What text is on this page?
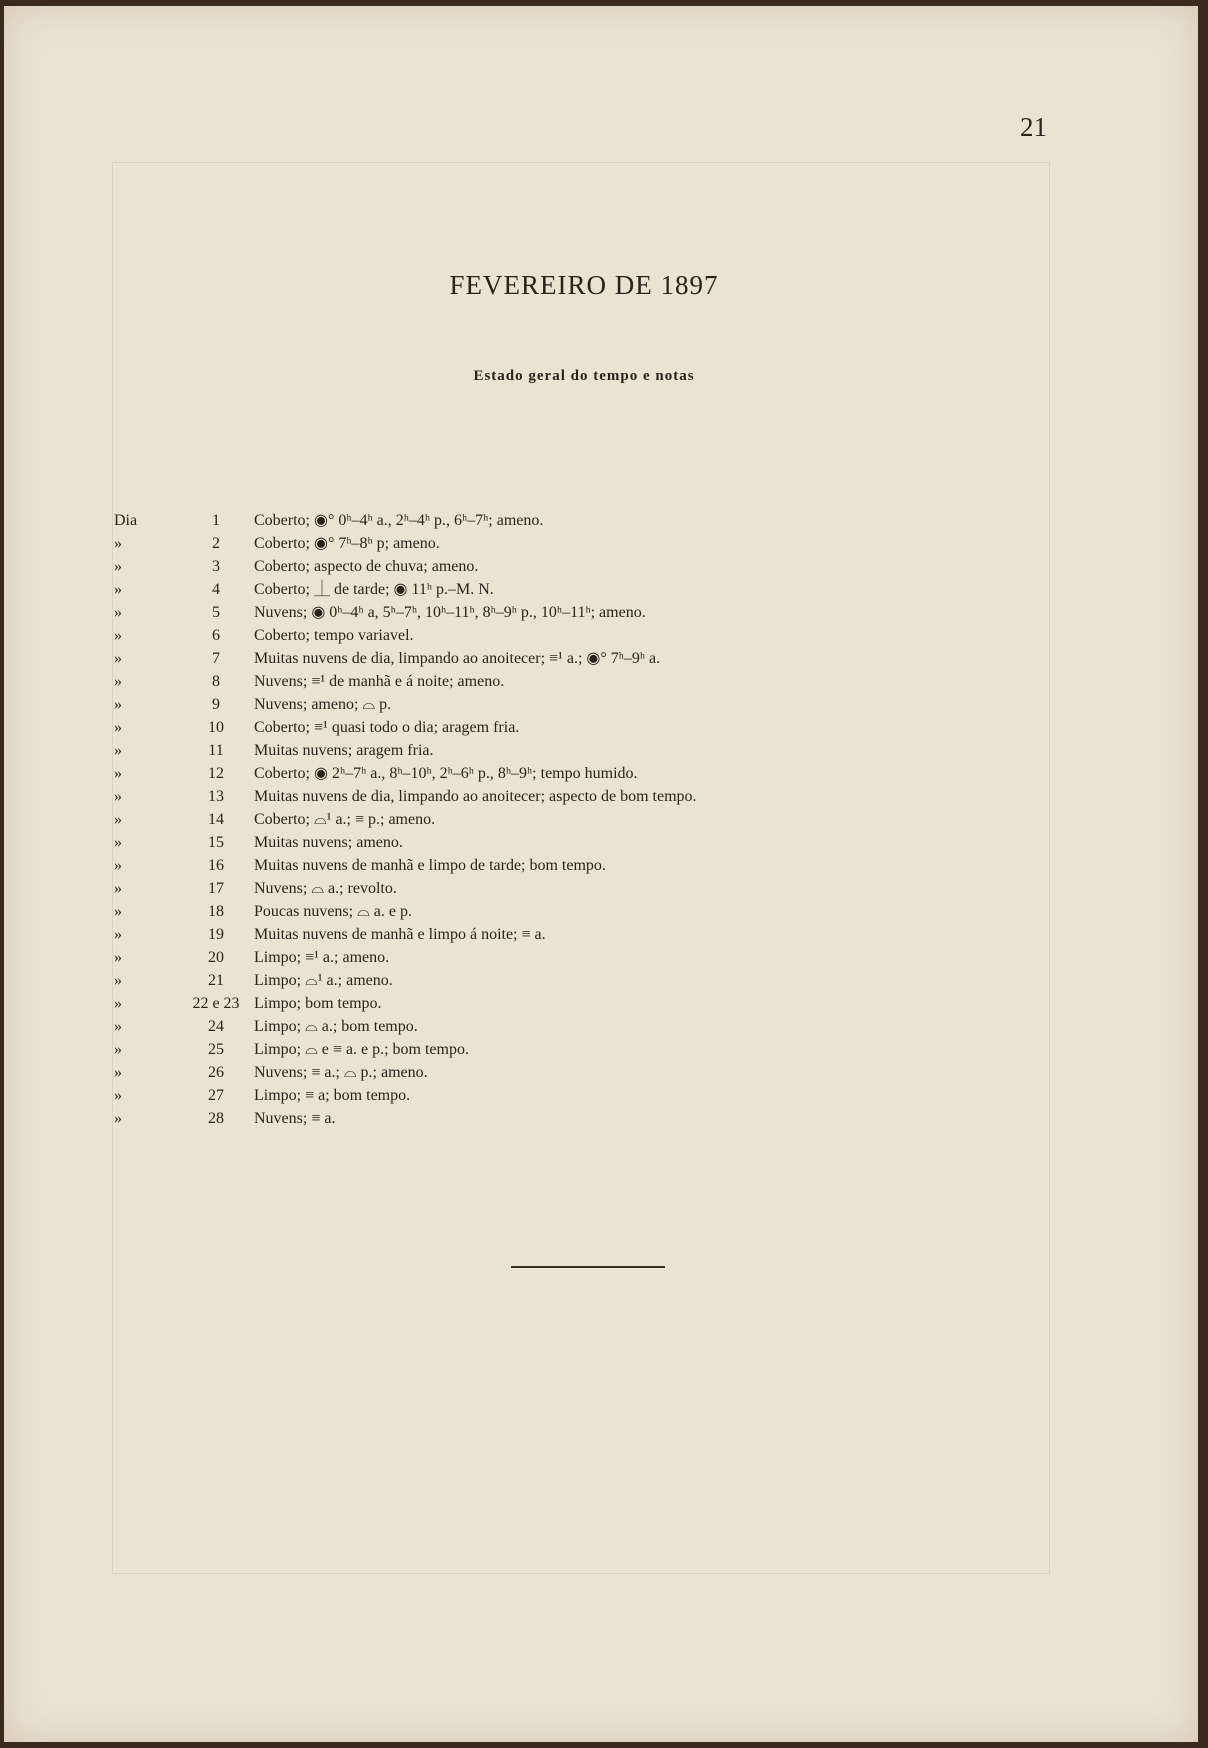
21
FEVEREIRO DE 1897
Estado geral do tempo e notas
Dia	1	Coberto; ◉° 0ʰ–4ʰ a., 2ʰ–4ʰ p., 6ʰ–7ʰ; ameno.
»	2	Coberto; ◉° 7ʰ–8ʰ p; ameno.
»	3	Coberto; aspecto de chuva; ameno.
»	4	Coberto; ⏊ de tarde; ◉ 11ʰ p.–M. N.
»	5	Nuvens; ◉ 0ʰ–4ʰ a, 5ʰ–7ʰ, 10ʰ–11ʰ, 8ʰ–9ʰ p., 10ʰ–11ʰ; ameno.
»	6	Coberto; tempo variavel.
»	7	Muitas nuvens de dia, limpando ao anoitecer; ≡¹ a.; ◉° 7ʰ–9ʰ a.
»	8	Nuvens; ≡¹ de manhã e á noite; ameno.
»	9	Nuvens; ameno; ⌓ p.
»	10	Coberto; ≡¹ quasi todo o dia; aragem fria.
»	11	Muitas nuvens; aragem fria.
»	12	Coberto; ◉ 2ʰ–7ʰ a., 8ʰ–10ʰ, 2ʰ–6ʰ p., 8ʰ–9ʰ; tempo humido.
»	13	Muitas nuvens de dia, limpando ao anoitecer; aspecto de bom tempo.
»	14	Coberto; ⌓¹ a.; ≡ p.; ameno.
»	15	Muitas nuvens; ameno.
»	16	Muitas nuvens de manhã e limpo de tarde; bom tempo.
»	17	Nuvens; ⌓ a.; revolto.
»	18	Poucas nuvens; ⌓ a. e p.
»	19	Muitas nuvens de manhã e limpo á noite; ≡ a.
»	20	Limpo; ≡¹ a.; ameno.
»	21	Limpo; ⌓¹ a.; ameno.
»	22 e 23 Limpo; bom tempo.
»	24	Limpo; ⌓ a.; bom tempo.
»	25	Limpo; ⌓ e ≡ a. e p.; bom tempo.
»	26	Nuvens; ≡ a.; ⌓ p.; ameno.
»	27	Limpo; ≡ a; bom tempo.
»	28	Nuvens; ≡ a.
